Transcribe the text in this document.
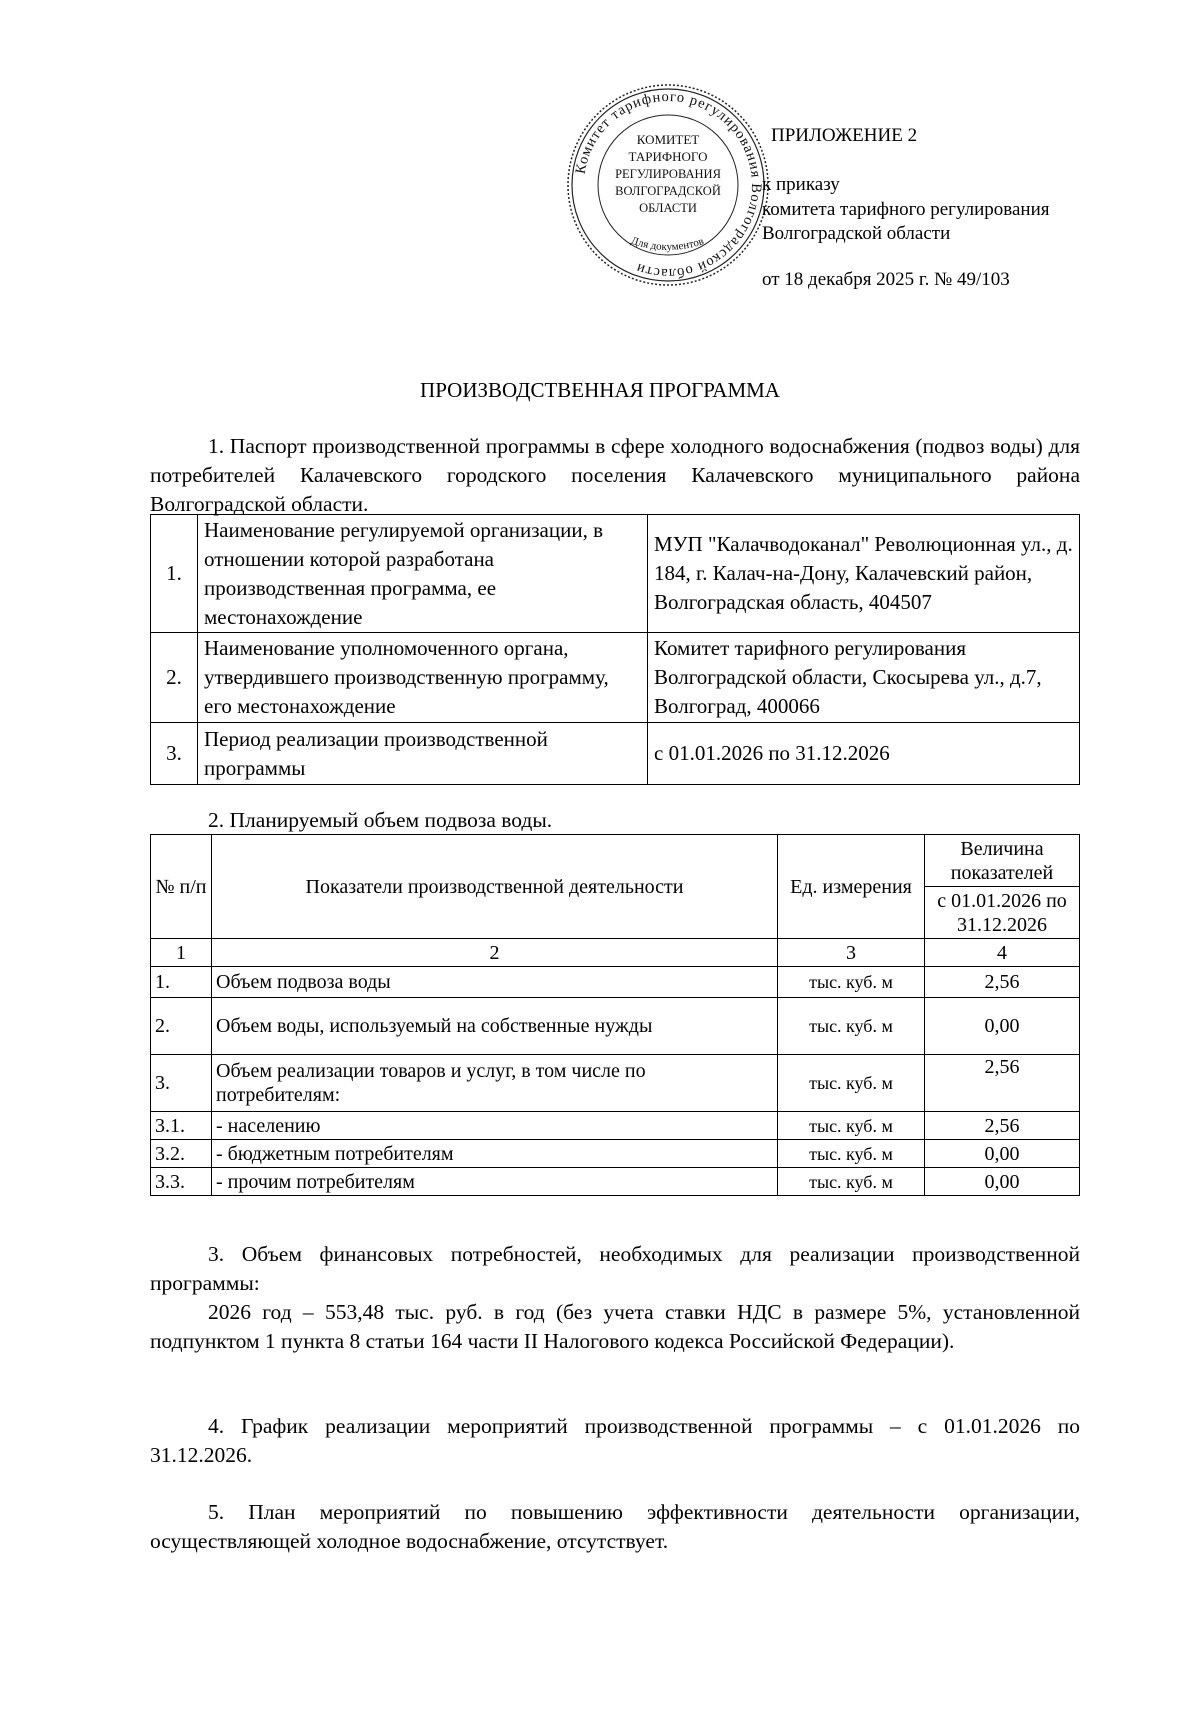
Комитет тарифного регулирования Волгоградской области
КОМИТЕТ
ТАРИФНОГО
РЕГУЛИРОВАНИЯ
ВОЛГОГРАДСКОЙ
ОБЛАСТИ
Для документов
ПРИЛОЖЕНИЕ 2
к приказу
комитета тарифного регулирования
Волгоградской области
от 18 декабря 2025 г. № 49/103
ПРОИЗВОДСТВЕННАЯ ПРОГРАММА
1. Паспорт производственной программы в сфере холодного водоснабжения (подвоз воды) для потребителей Калачевского городского поселения Калачевского муниципального района Волгоградской области.
1.	Наименование регулируемой организации, в отношении которой разработана производственная программа, ее местонахождение	МУП "Калачводоканал" Революционная ул., д. 184, г. Калач-на-Дону, Калачевский район, Волгоградская область, 404507
2.	Наименование уполномоченного органа, утвердившего производственную программу, его местонахождение	Комитет тарифного регулирования Волгоградской области, Скосырева ул., д.7, Волгоград, 400066
3.	Период реализации производственной программы	с 01.01.2026 по 31.12.2026
2. Планируемый объем подвоза воды.
№ п/п	Показатели производственной деятельности	Ед. измерения	Величина показателей
			с 01.01.2026 по 31.12.2026
1	2	3	4
1.	Объем подвоза воды	тыс. куб. м	2,56
2.	Объем воды, используемый на собственные нужды	тыс. куб. м	0,00
3.	Объем реализации товаров и услуг, в том числе по потребителям:	тыс. куб. м	2,56
3.1.	- населению	тыс. куб. м	2,56
3.2.	- бюджетным потребителям	тыс. куб. м	0,00
3.3.	- прочим потребителям	тыс. куб. м	0,00
3. Объем финансовых потребностей, необходимых для реализации производственной программы:
2026 год – 553,48 тыс. руб. в год (без учета ставки НДС в размере 5%, установленной подпунктом 1 пункта 8 статьи 164 части II Налогового кодекса Российской Федерации).
4. График реализации мероприятий производственной программы – с 01.01.2026 по 31.12.2026.
5. План мероприятий по повышению эффективности деятельности организации, осуществляющей холодное водоснабжение, отсутствует.
